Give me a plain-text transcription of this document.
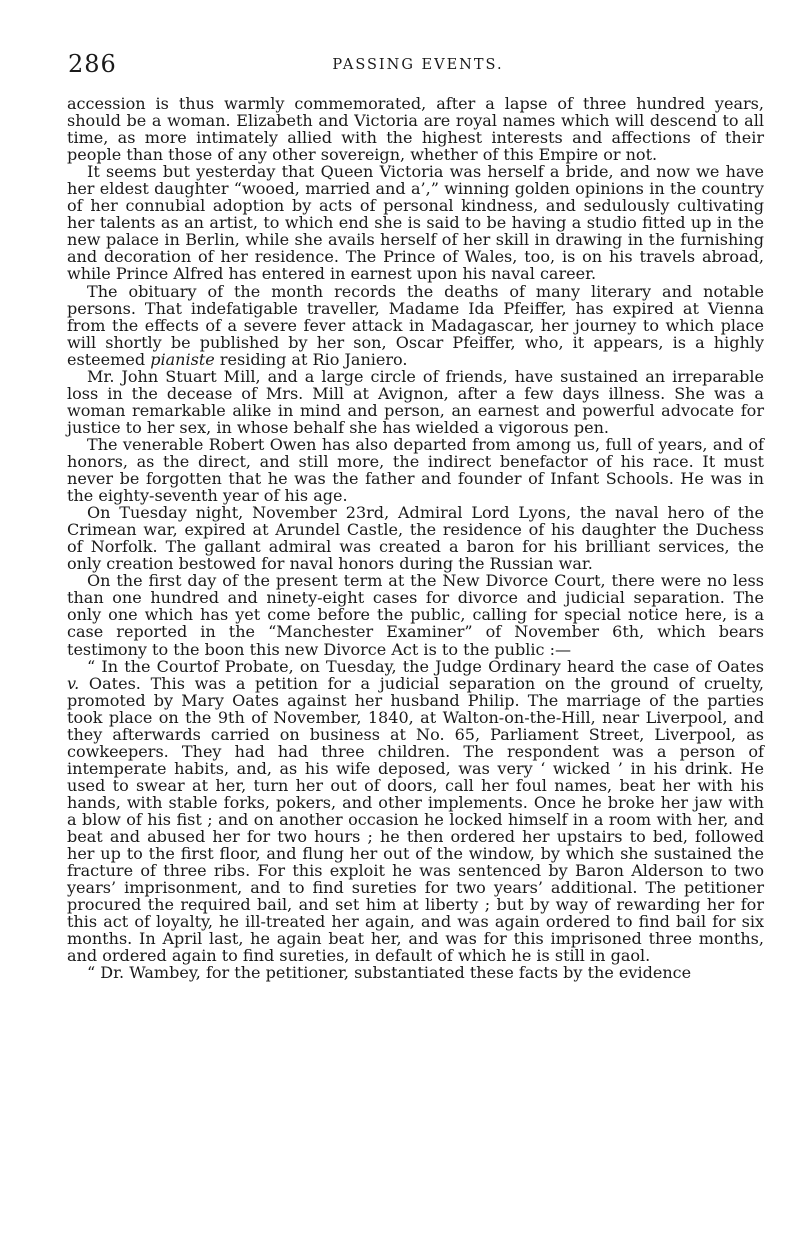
286	PASSING EVENTS.

accession is thus warmly commemorated, after a lapse of three hundred years, should be a woman. Elizabeth and Victoria are royal names which will descend to all time, as more intimately allied with the highest interests and affections of their people than those of any other sovereign, whether of this Empire or not.

It seems but yesterday that Queen Victoria was herself a bride, and now we have her eldest daughter “wooed, married and a’,” winning golden opinions in the country of her connubial adoption by acts of personal kindness, and sedulously cultivating her talents as an artist, to which end she is said to be having a studio fitted up in the new palace in Berlin, while she avails herself of her skill in drawing in the furnishing and decoration of her residence. The Prince of Wales, too, is on his travels abroad, while Prince Alfred has entered in earnest upon his naval career.

The obituary of the month records the deaths of many literary and notable persons. That indefatigable traveller, Madame Ida Pfeiffer, has expired at Vienna from the effects of a severe fever attack in Madagascar, her journey to which place will shortly be published by her son, Oscar Pfeiffer, who, it appears, is a highly esteemed pianiste residing at Rio Janiero.

Mr. John Stuart Mill, and a large circle of friends, have sustained an irreparable loss in the decease of Mrs. Mill at Avignon, after a few days illness. She was a woman remarkable alike in mind and person, an earnest and powerful advocate for justice to her sex, in whose behalf she has wielded a vigorous pen.

The venerable Robert Owen has also departed from among us, full of years, and of honors, as the direct, and still more, the indirect benefactor of his race. It must never be forgotten that he was the father and founder of Infant Schools. He was in the eighty-seventh year of his age.

On Tuesday night, November 23rd, Admiral Lord Lyons, the naval hero of the Crimean war, expired at Arundel Castle, the residence of his daughter the Duchess of Norfolk. The gallant admiral was created a baron for his brilliant services, the only creation bestowed for naval honors during the Russian war.

On the first day of the present term at the New Divorce Court, there were no less than one hundred and ninety-eight cases for divorce and judicial separation. The only one which has yet come before the public, calling for special notice here, is a case reported in the “Manchester Examiner” of November 6th, which bears testimony to the boon this new Divorce Act is to the public :—

“ In the Courtof Probate, on Tuesday, the Judge Ordinary heard the case of Oates v. Oates. This was a petition for a judicial separation on the ground of cruelty, promoted by Mary Oates against her husband Philip. The marriage of the parties took place on the 9th of November, 1840, at Walton-on-the-Hill, near Liverpool, and they afterwards carried on business at No. 65, Parliament Street, Liverpool, as cowkeepers. They had had three children. The respondent was a person of intemperate habits, and, as his wife deposed, was very ‘ wicked ’ in his drink. He used to swear at her, turn her out of doors, call her foul names, beat her with his hands, with stable forks, pokers, and other implements. Once he broke her jaw with a blow of his fist ; and on another occasion he locked himself in a room with her, and beat and abused her for two hours ; he then ordered her upstairs to bed, followed her up to the first floor, and flung her out of the window, by which she sustained the fracture of three ribs. For this exploit he was sentenced by Baron Alderson to two years’ imprisonment, and to find sureties for two years’ additional. The petitioner procured the required bail, and set him at liberty ; but by way of rewarding her for this act of loyalty, he ill-treated her again, and was again ordered to find bail for six months. In April last, he again beat her, and was for this imprisoned three months, and ordered again to find sureties, in default of which he is still in gaol.

“ Dr. Wambey, for the petitioner, substantiated these facts by the evidence
